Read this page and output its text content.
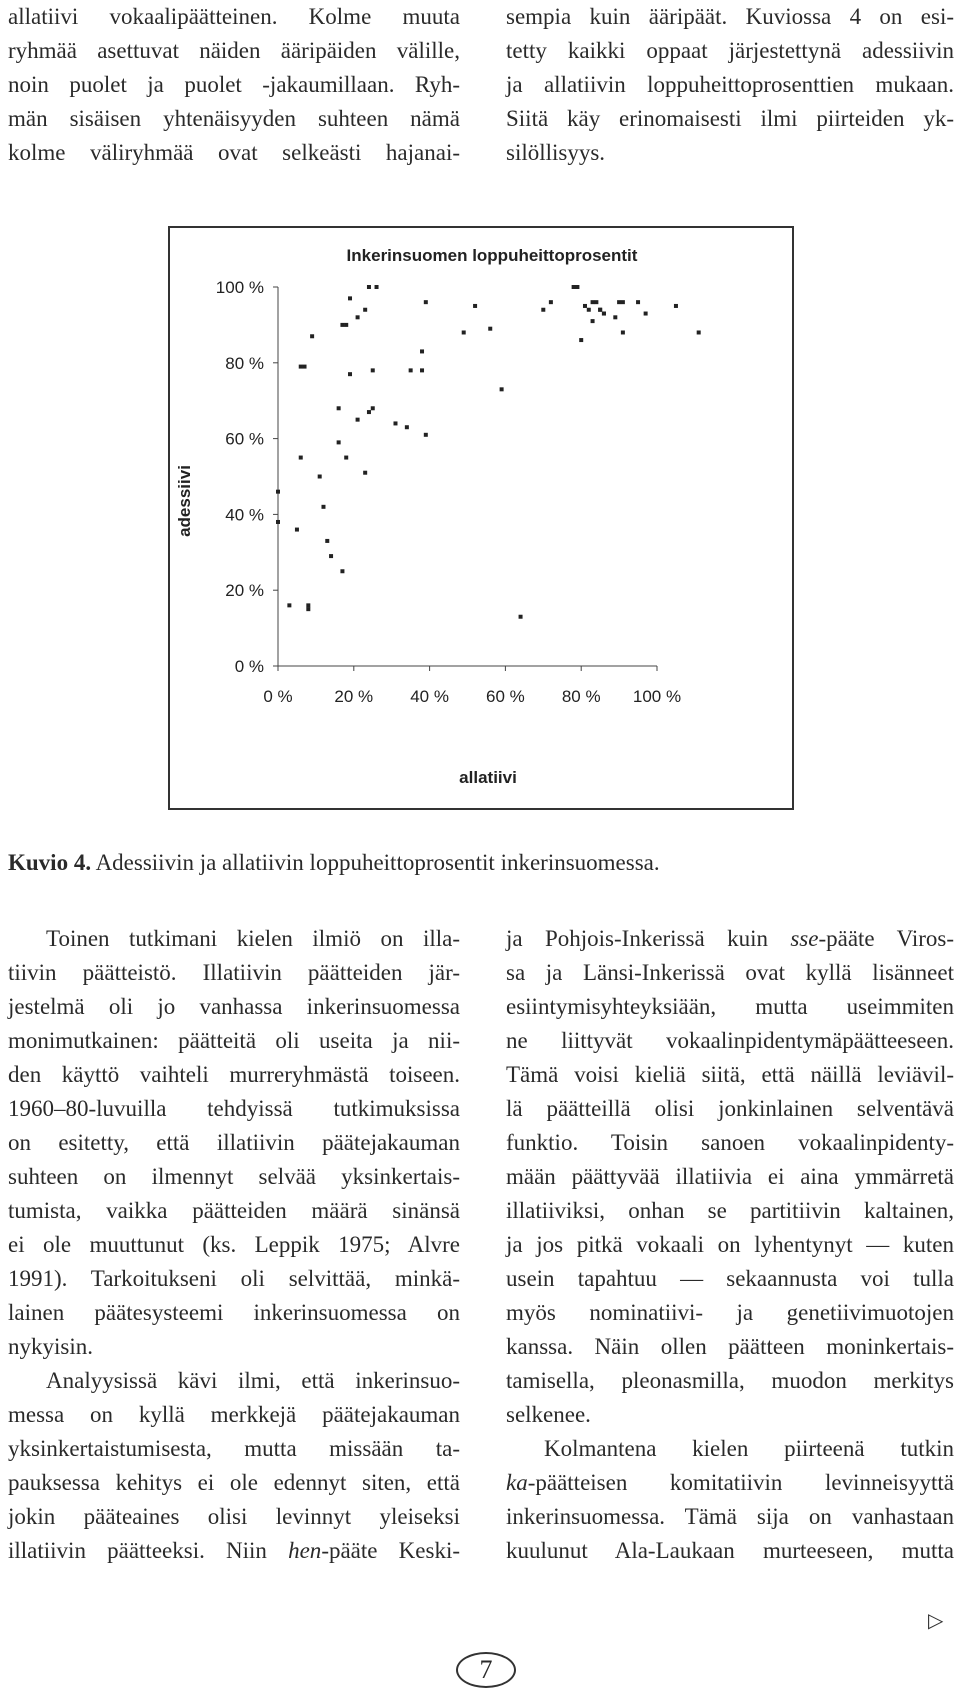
allatiivi vokaalipäätteinen. Kolme muuta
ryhmää asettuvat näiden ääripäiden välille,
noin puolet ja puolet -jakaumillaan. Ryh-
män sisäisen yhtenäisyyden suhteen nämä
kolme väliryhmää ovat selkeästi hajanai-
sempia kuin ääripäät. Kuviossa 4 on esi-
tetty kaikki oppaat järjestettynä adessiivin
ja allatiivin loppuheittoprosenttien mukaan.
Siitä käy erinomaisesti ilmi piirteiden yk-
silöllisyys.
Inkerinsuomen loppuheittoprosentit
adessiivi
allatiivi
0 % 20 % 40 % 60 % 80 % 100 %
0 %
20 %
40 %
60 %
80 %
100 %
Kuvio 4. Adessiivin ja allatiivin loppuheittoprosentit inkerinsuomessa.

Toinen tutkimani kielen ilmiö on illa-
tiivin päätteistö. Illatiivin päätteiden jär-
jestelmä oli jo vanhassa inkerinsuomessa
monimutkainen: päätteitä oli useita ja nii-
den käyttö vaihteli murreryhmästä toiseen.
1960–80-luvuilla tehdyissä tutkimuksissa
on esitetty, että illatiivin päätejakauman
suhteen on ilmennyt selvää yksinkertais-
tumista, vaikka päätteiden määrä sinänsä
ei ole muuttunut (ks. Leppik 1975; Alvre
1991). Tarkoitukseni oli selvittää, minkä-
lainen päätesysteemi inkerinsuomessa on
nykyisin.

Analyysissä kävi ilmi, että inkerinsuo-
messa on kyllä merkkejä päätejakauman
yksinkertaistumisesta, mutta missään ta-
pauksessa kehitys ei ole edennyt siten, että
jokin pääteaines olisi levinnyt yleiseksi
illatiivin päätteeksi. Niin hen-pääte Keski-

ja Pohjois-Inkerissä kuin sse-pääte Viros-
sa ja Länsi-Inkerissä ovat kyllä lisänneet
esiintymisyhteyksiään, mutta useimmiten
ne liittyvät vokaalinpidentymäpäätteeseen.
Tämä voisi kieliä siitä, että näillä leviävil-
lä päätteillä olisi jonkinlainen selventävä
funktio. Toisin sanoen vokaalinpidenty-
mään päättyvää illatiivia ei aina ymmärretä
illatiiviksi, onhan se partitiivin kaltainen,
ja jos pitkä vokaali on lyhentynyt — kuten
usein tapahtuu — sekaannusta voi tulla
myös nominatiivi- ja genetiivimuotojen
kanssa. Näin ollen päätteen moninkertais-
tamisella, pleonasmilla, muodon merkitys
selkenee.

Kolmantena kielen piirteenä tutkin
ka-päätteisen komitatiivin levinneisyyttä
inkerinsuomessa. Tämä sija on vanhastaan
kuulunut Ala-Laukaan murteeseen, mutta

7
▷
